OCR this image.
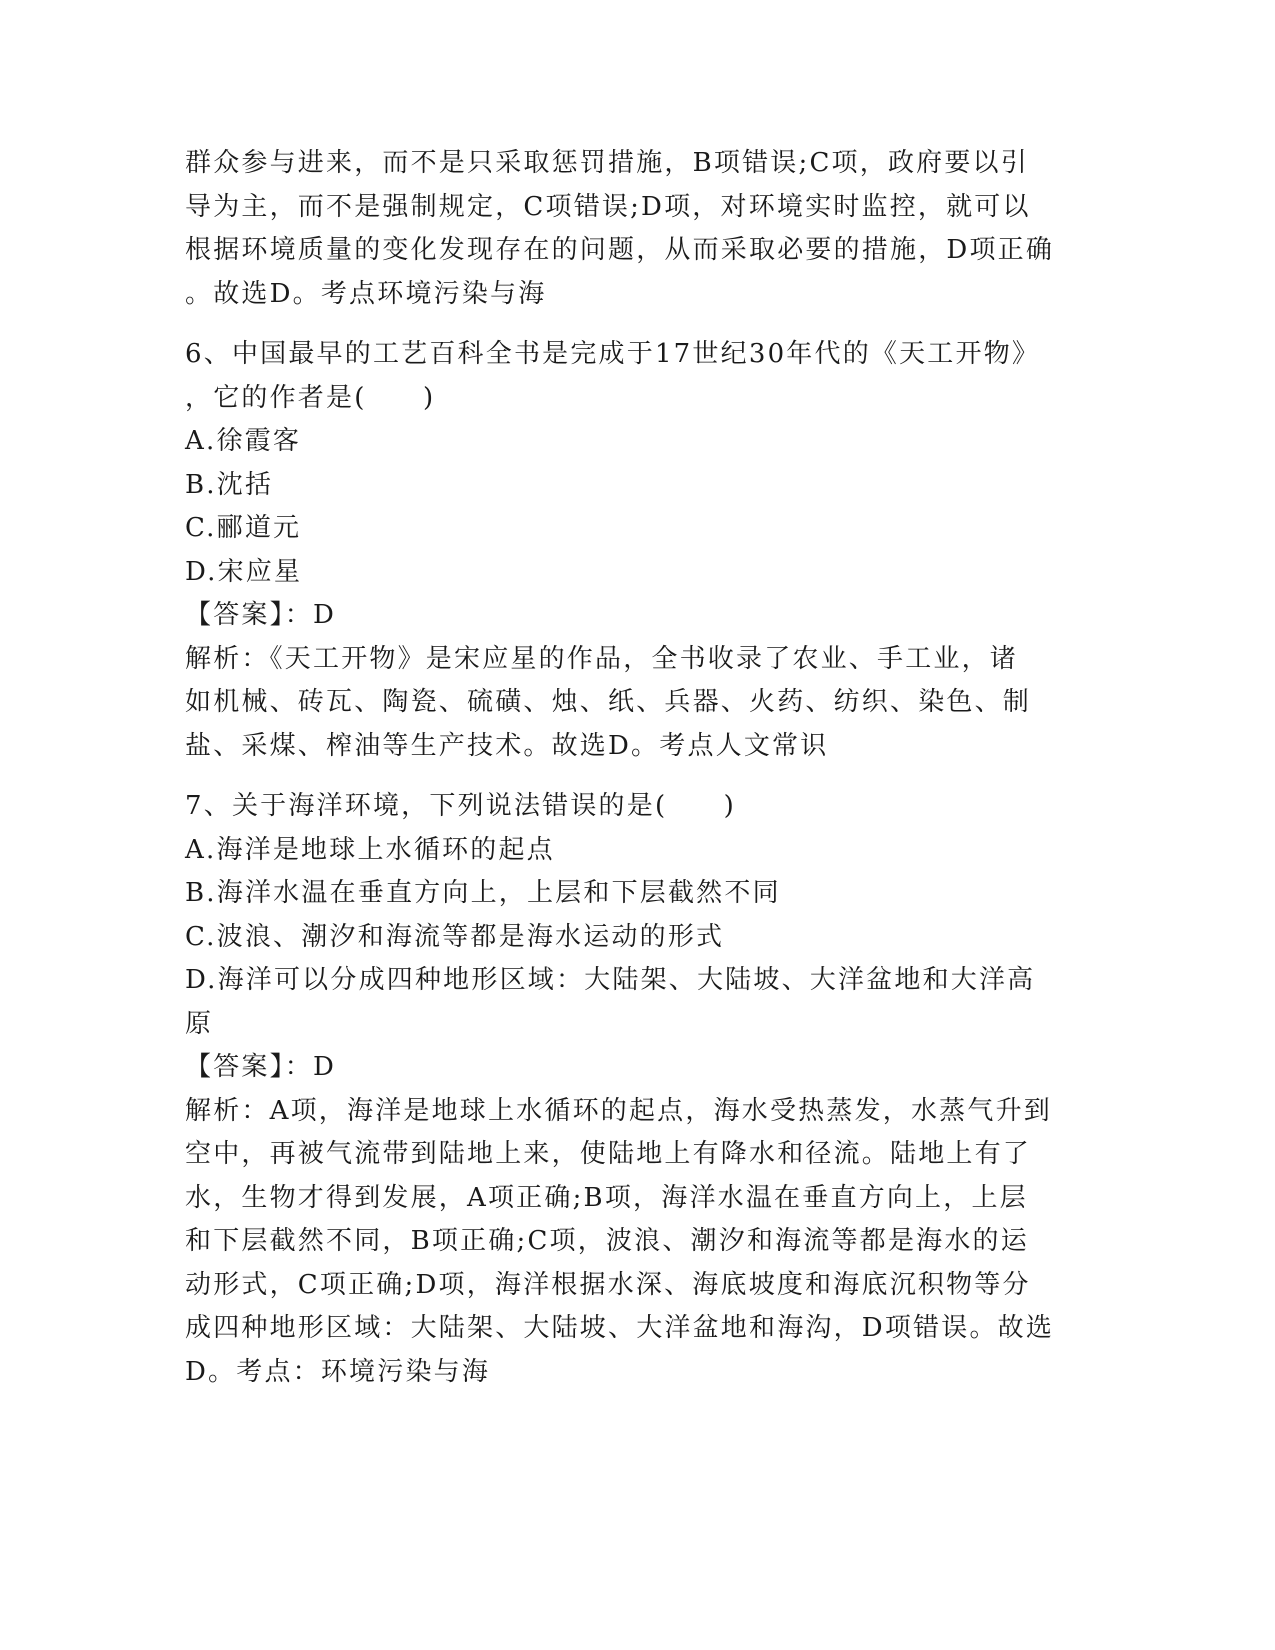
群众参与进来，而不是只采取惩罚措施，B项错误;C项，政府要以引
导为主，而不是强制规定，C项错误;D项，对环境实时监控，就可以
根据环境质量的变化发现存在的问题，从而采取必要的措施，D项正确
。故选D。考点环境污染与海
6、中国最早的工艺百科全书是完成于17世纪30年代的《天工开物》
，它的作者是(　　)
A.徐霞客
B.沈括
C.郦道元
D.宋应星
【答案】：D
解析：《天工开物》是宋应星的作品，全书收录了农业、手工业，诸
如机械、砖瓦、陶瓷、硫磺、烛、纸、兵器、火药、纺织、染色、制
盐、采煤、榨油等生产技术。故选D。考点人文常识
7、关于海洋环境，下列说法错误的是(　　)
A.海洋是地球上水循环的起点
B.海洋水温在垂直方向上，上层和下层截然不同
C.波浪、潮汐和海流等都是海水运动的形式
D.海洋可以分成四种地形区域：大陆架、大陆坡、大洋盆地和大洋高
原
【答案】：D
解析：A项，海洋是地球上水循环的起点，海水受热蒸发，水蒸气升到
空中，再被气流带到陆地上来，使陆地上有降水和径流。陆地上有了
水，生物才得到发展，A项正确;B项，海洋水温在垂直方向上，上层
和下层截然不同，B项正确;C项，波浪、潮汐和海流等都是海水的运
动形式，C项正确;D项，海洋根据水深、海底坡度和海底沉积物等分
成四种地形区域：大陆架、大陆坡、大洋盆地和海沟，D项错误。故选
D。考点：环境污染与海
